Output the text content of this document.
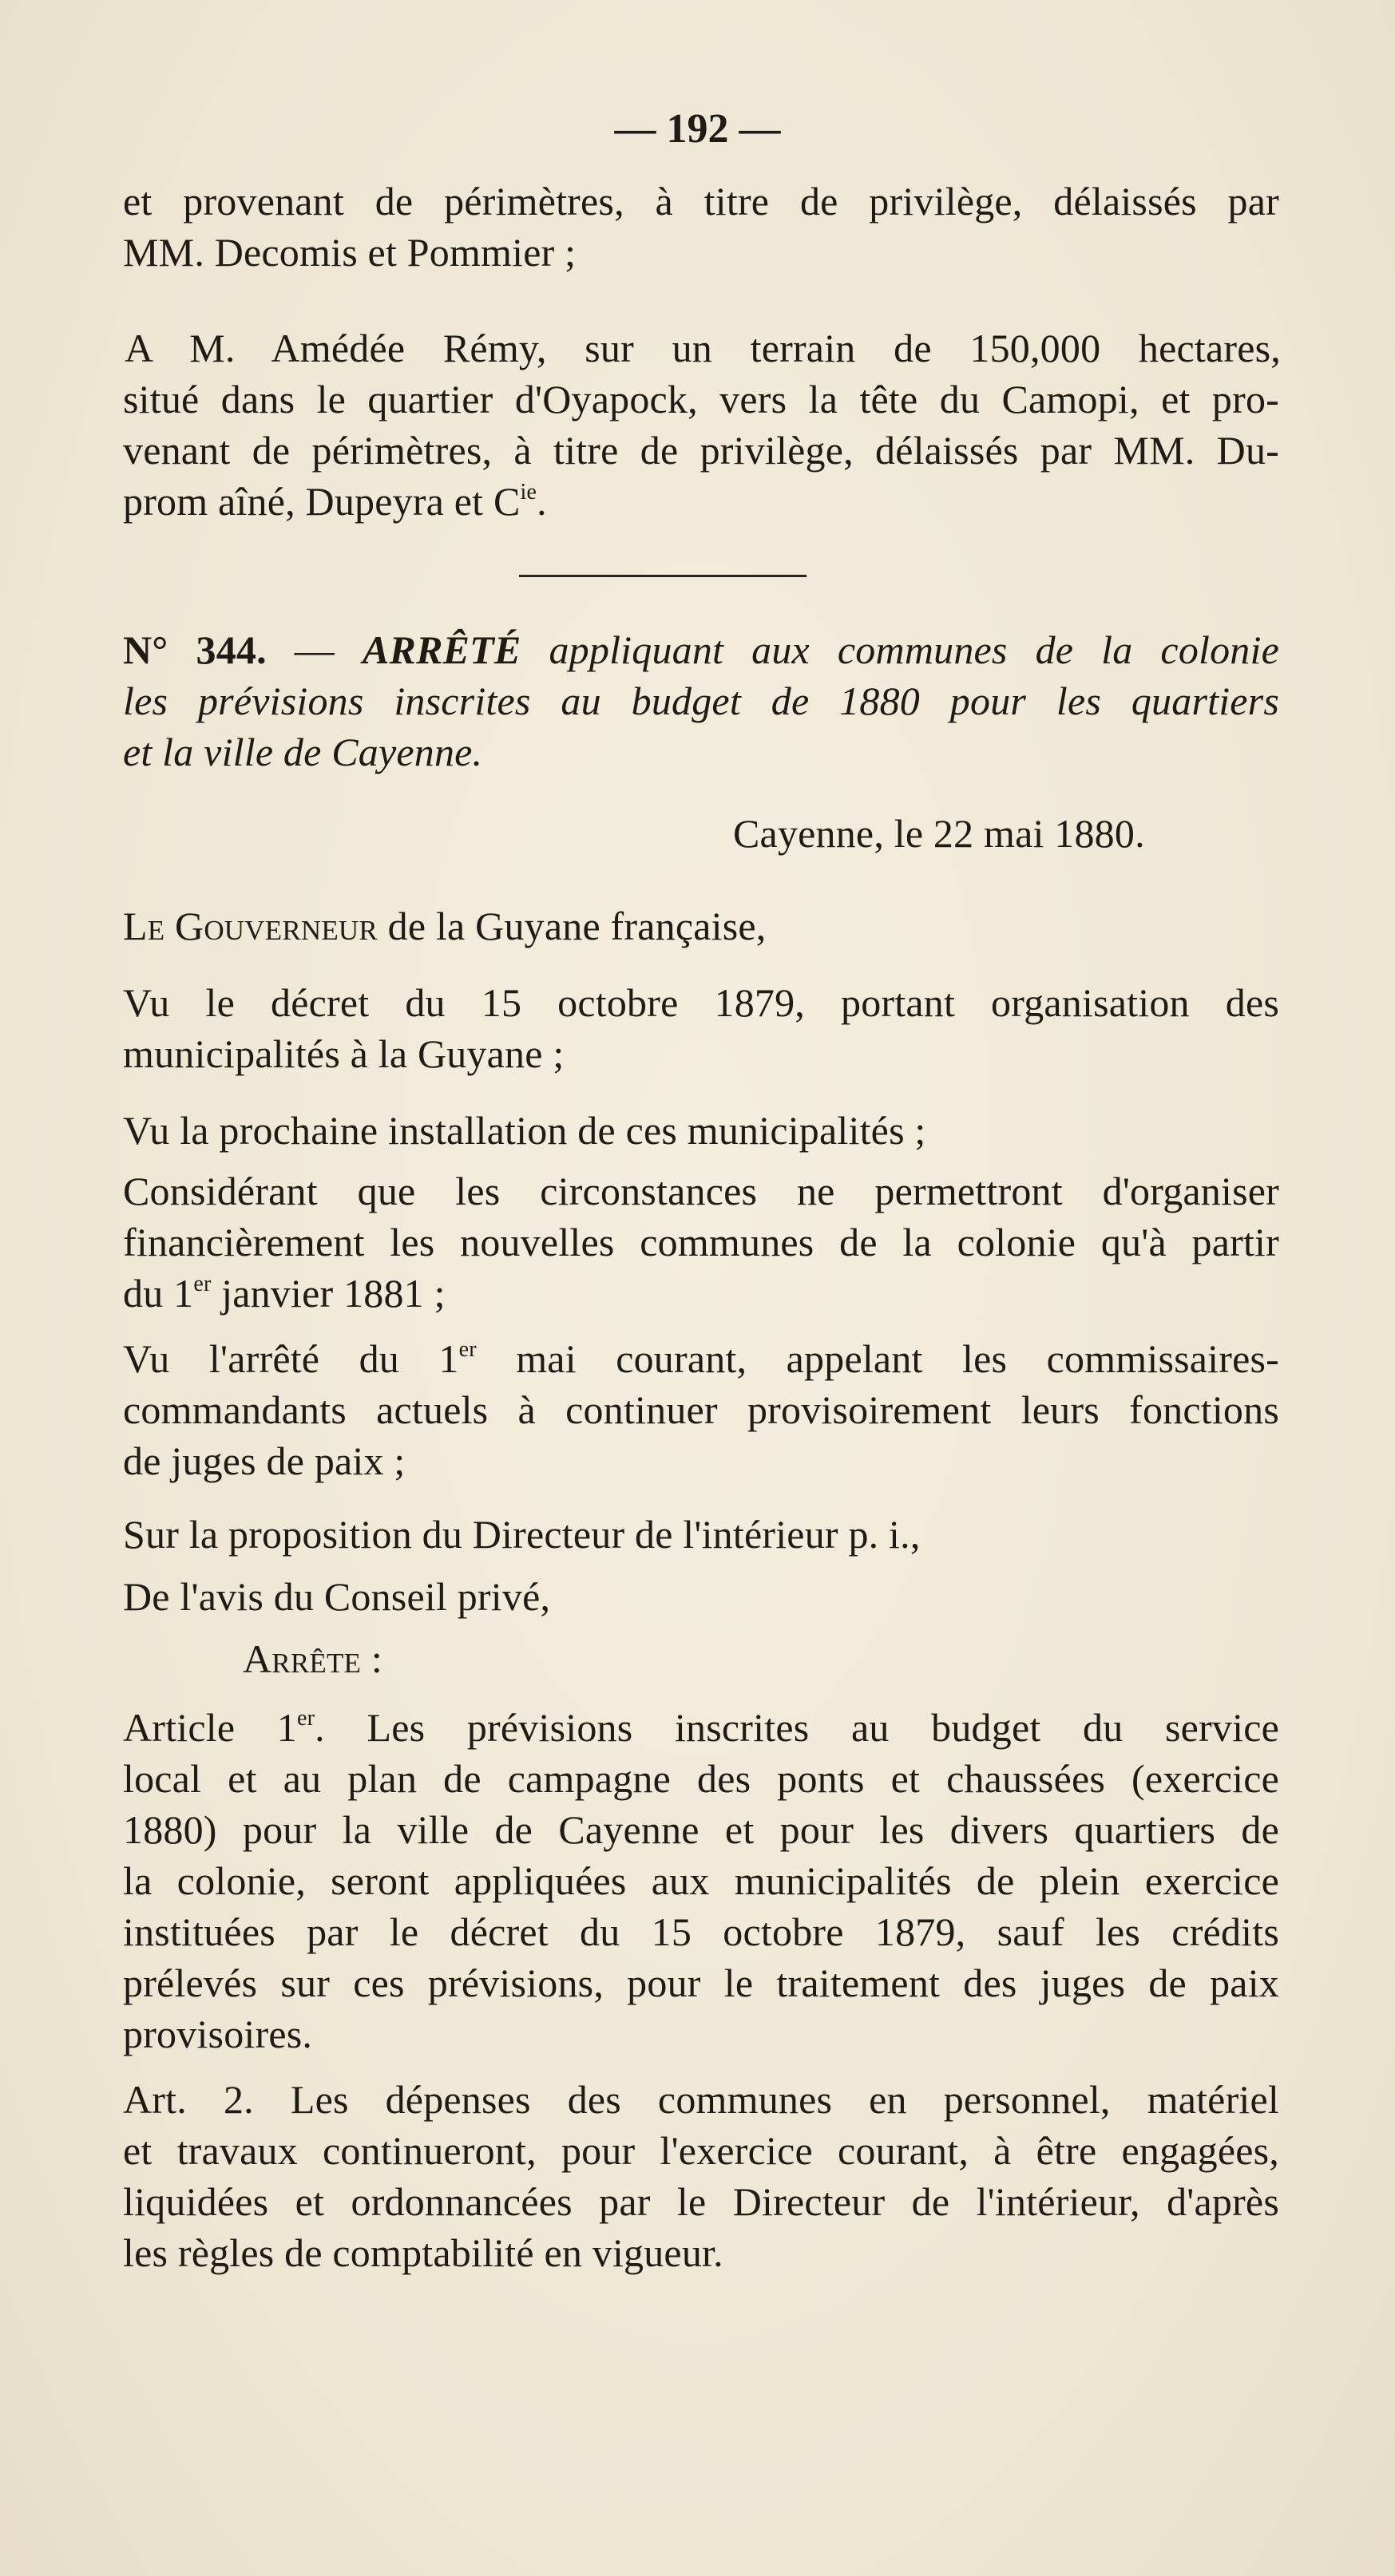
— 192 —
et provenant de périmètres, à titre de privilège, délaissés par
MM. Decomis et Pommier ;
A M. Amédée Rémy, sur un terrain de 150,000 hectares,
situé dans le quartier d'Oyapock, vers la tête du Camopi, et pro-
venant de périmètres, à titre de privilège, délaissés par MM. Du-
prom aîné, Dupeyra et $C^{ie}$.
N° 344. — ARRÊTÉ appliquant aux communes de la colonie
les prévisions inscrites au budget de 1880 pour les quartiers
et la ville de Cayenne.
Cayenne, le 22 mai 1880.
Le Gouverneur de la Guyane française,
Vu le décret du 15 octobre 1879, portant organisation des
municipalités à la Guyane ;
Vu la prochaine installation de ces municipalités ;
Considérant que les circonstances ne permettront d'organiser
financièrement les nouvelles communes de la colonie qu'à partir
du 1er janvier 1881 ;
Vu l'arrêté du 1er mai courant, appelant les commissaires-
commandants actuels à continuer provisoirement leurs fonctions
de juges de paix ;
Sur la proposition du Directeur de l'intérieur p. i.,
De l'avis du Conseil privé,
Arrête :
Article 1er. Les prévisions inscrites au budget du service
local et au plan de campagne des ponts et chaussées (exercice
1880) pour la ville de Cayenne et pour les divers quartiers de
la colonie, seront appliquées aux municipalités de plein exercice
instituées par le décret du 15 octobre 1879, sauf les crédits
prélevés sur ces prévisions, pour le traitement des juges de paix
provisoires.
Art. 2. Les dépenses des communes en personnel, matériel
et travaux continueront, pour l'exercice courant, à être engagées,
liquidées et ordonnancées par le Directeur de l'intérieur, d'après
les règles de comptabilité en vigueur.
